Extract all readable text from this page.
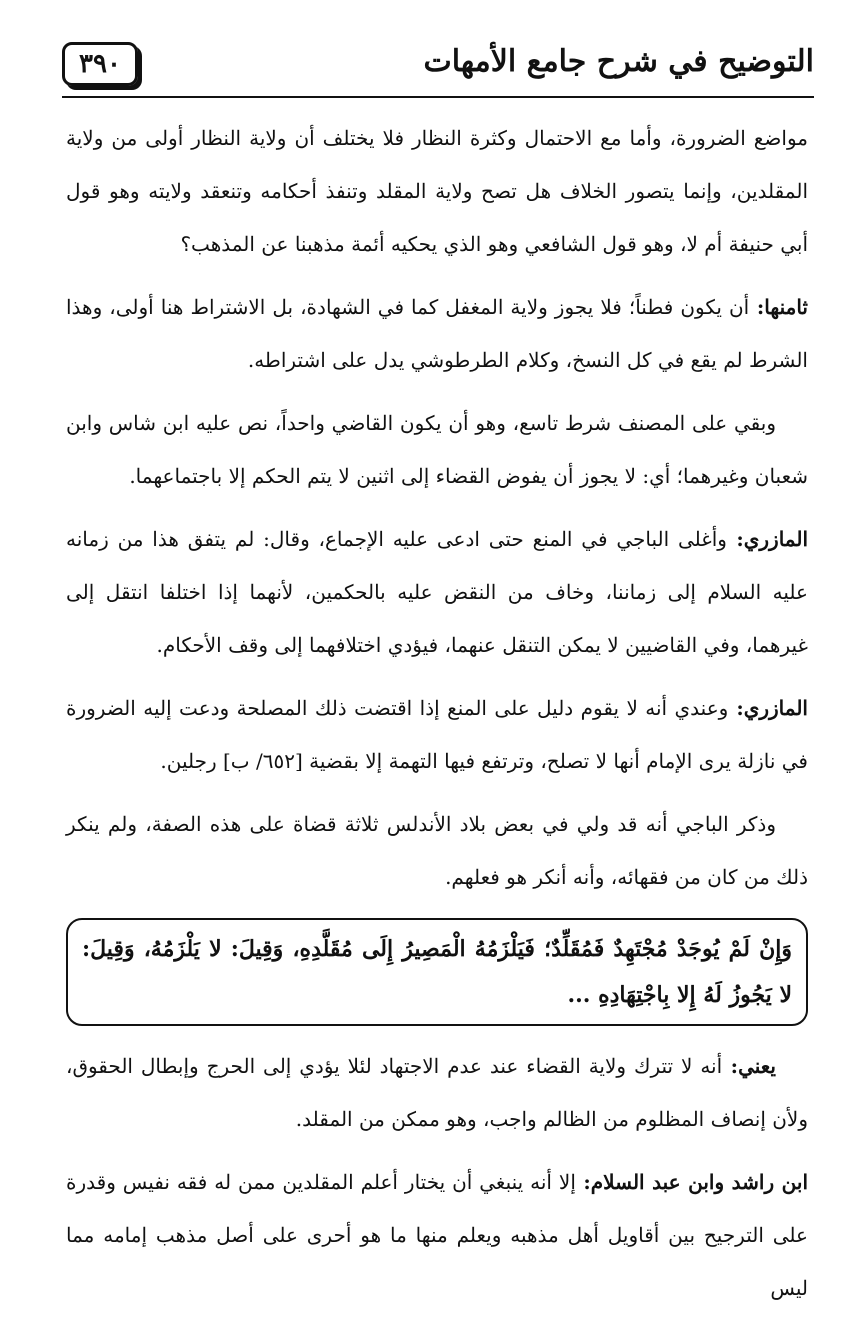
التوضيح في شرح جامع الأمهات
٣٩٠

مواضع الضرورة، وأما مع الاحتمال وكثرة النظار فلا يختلف أن ولاية النظار أولى من ولاية المقلدين، وإنما يتصور الخلاف هل تصح ولاية المقلد وتنفذ أحكامه وتنعقد ولايته وهو قول أبي حنيفة أم لا، وهو قول الشافعي وهو الذي يحكيه أئمة مذهبنا عن المذهب؟

ثامنها: أن يكون فطناً؛ فلا يجوز ولاية المغفل كما في الشهادة، بل الاشتراط هنا أولى، وهذا الشرط لم يقع في كل النسخ، وكلام الطرطوشي يدل على اشتراطه.

وبقي على المصنف شرط تاسع، وهو أن يكون القاضي واحداً، نص عليه ابن شاس وابن شعبان وغيرهما؛ أي: لا يجوز أن يفوض القضاء إلى اثنين لا يتم الحكم إلا باجتماعهما.

المازري: وأغلى الباجي في المنع حتى ادعى عليه الإجماع، وقال: لم يتفق هذا من زمانه عليه السلام إلى زماننا، وخاف من النقض عليه بالحكمين، لأنهما إذا اختلفا انتقل إلى غيرهما، وفي القاضيين لا يمكن التنقل عنهما، فيؤدي اختلافهما إلى وقف الأحكام.

المازري: وعندي أنه لا يقوم دليل على المنع إذا اقتضت ذلك المصلحة ودعت إليه الضرورة في نازلة يرى الإمام أنها لا تصلح، وترتفع فيها التهمة إلا بقضية [٦٥٢/ ب] رجلين.

وذكر الباجي أنه قد ولي في بعض بلاد الأندلس ثلاثة قضاة على هذه الصفة، ولم ينكر ذلك من كان من فقهائه، وأنه أنكر هو فعلهم.

وَإِنْ لَمْ يُوجَدْ مُجْتَهِدٌ فَمُقَلِّدٌ؛ فَيَلْزَمُهُ الْمَصِيرُ إِلَى مُقَلَّدِهِ، وَقِيلَ: لا يَلْزَمُهُ، وَقِيلَ: لا يَجُوزُ لَهُ إِلا بِاجْتِهَادِهِ ...

يعني: أنه لا تترك ولاية القضاء عند عدم الاجتهاد لئلا يؤدي إلى الحرج وإبطال الحقوق، ولأن إنصاف المظلوم من الظالم واجب، وهو ممكن من المقلد.

ابن راشد وابن عبد السلام: إلا أنه ينبغي أن يختار أعلم المقلدين ممن له فقه نفيس وقدرة على الترجيح بين أقاويل أهل مذهبه ويعلم منها ما هو أحرى على أصل مذهب إمامه مما ليس
